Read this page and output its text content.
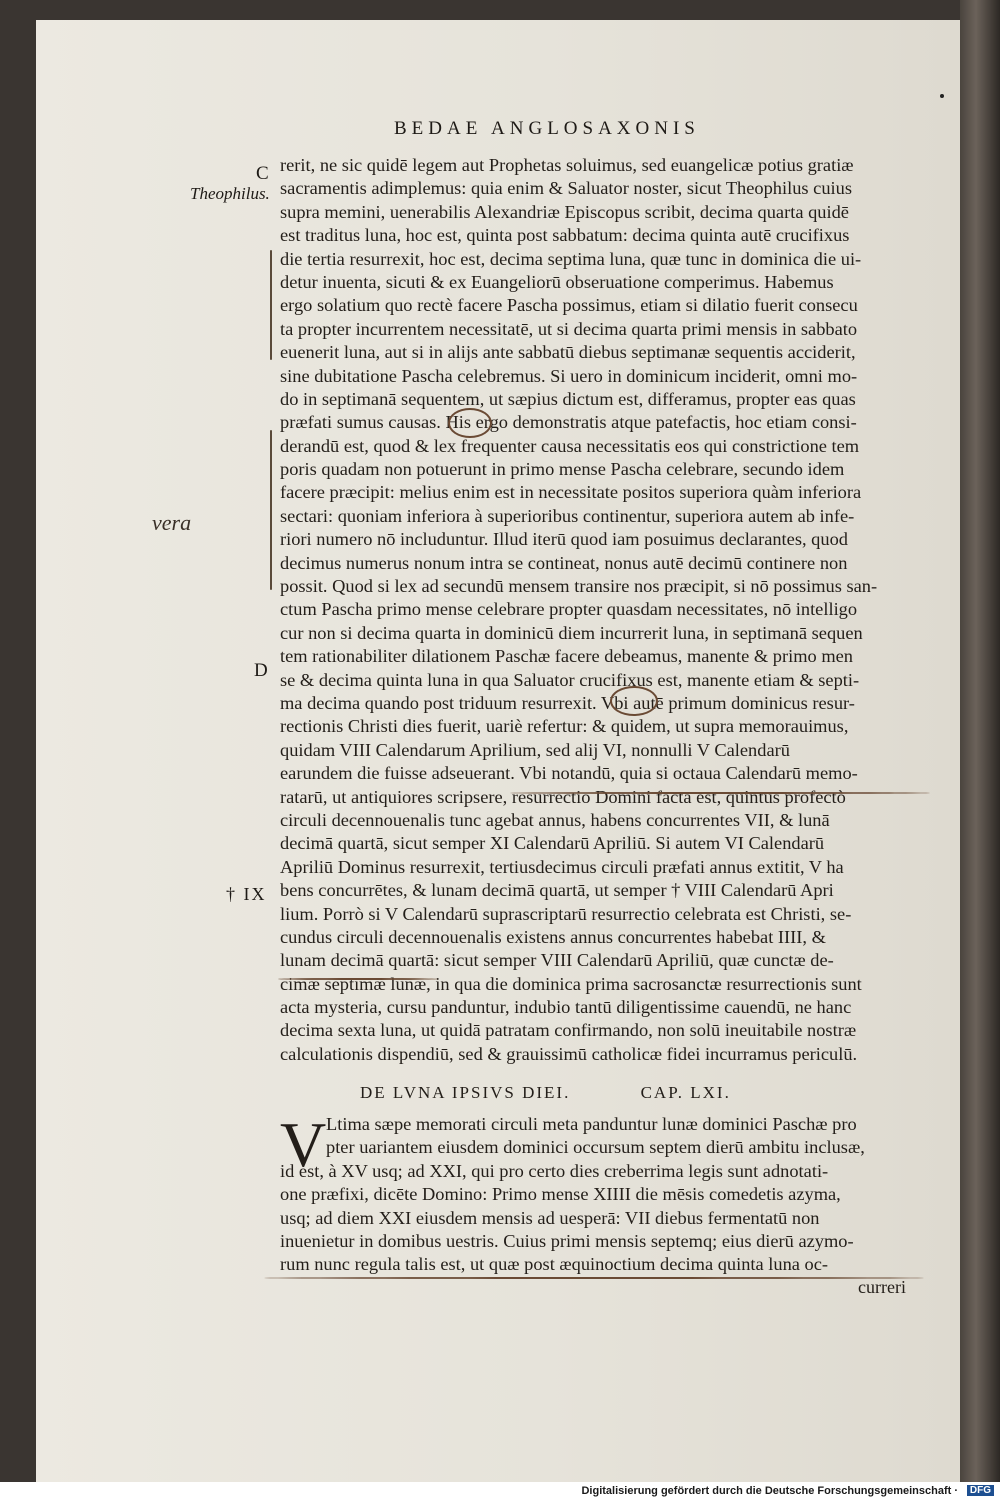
BEDAE ANGLOSAXONIS
C
Theophilus.
D
† IX
vera
rerit, ne sic quidē legem aut Prophetas soluimus, sed euangelicæ potius gratiæ
sacramentis adimplemus: quia enim & Saluator noster, sicut Theophilus cuius
supra memini, uenerabilis Alexandriæ Episcopus scribit, decima quarta quidē
est traditus luna, hoc est, quinta post sabbatum: decima quinta autē crucifixus
die tertia resurrexit, hoc est, decima septima luna, quæ tunc in dominica die ui-
detur inuenta, sicuti & ex Euangeliorū obseruatione comperimus. Habemus
ergo solatium quo rectè facere Pascha possimus, etiam si dilatio fuerit consecu
ta propter incurrentem necessitatē, ut si decima quarta primi mensis in sabbato
euenerit luna, aut si in alijs ante sabbatū diebus septimanæ sequentis acciderit,
sine dubitatione Pascha celebremus. Si uero in dominicum inciderit, omni mo-
do in septimanā sequentem, ut sæpius dictum est, differamus, propter eas quas
præfati sumus causas. His ergo demonstratis atque patefactis, hoc etiam consi-
derandū est, quod & lex frequenter causa necessitatis eos qui constrictione tem
poris quadam non potuerunt in primo mense Pascha celebrare, secundo idem
facere præcipit: melius enim est in necessitate positos superiora quàm inferiora
sectari: quoniam inferiora à superioribus continentur, superiora autem ab infe-
riori numero nō includuntur. Illud iterū quod iam posuimus declarantes, quod
decimus numerus nonum intra se contineat, nonus autē decimū continere non
possit. Quod si lex ad secundū mensem transire nos præcipit, si nō possimus san-
ctum Pascha primo mense celebrare propter quasdam necessitates, nō intelligo
cur non si decima quarta in dominicū diem incurrerit luna, in septimanā sequen
tem rationabiliter dilationem Paschæ facere debeamus, manente & primo men
se & decima quinta luna in qua Saluator crucifixus est, manente etiam & septi-
ma decima quando post triduum resurrexit. Vbi autē primum dominicus resur-
rectionis Christi dies fuerit, uariè refertur: & quidem, ut supra memorauimus,
quidam VIII Calendarum Aprilium, sed alij VI, nonnulli V Calendarū
earundem die fuisse adseuerant. Vbi notandū, quia si octaua Calendarū memo-
ratarū, ut antiquiores scripsere, resurrectio Domini facta est, quintus profectò
circuli decennouenalis tunc agebat annus, habens concurrentes VII, & lunā
decimā quartā, sicut semper XI Calendarū Apriliū. Si autem VI Calendarū
Apriliū Dominus resurrexit, tertiusdecimus circuli præfati annus extitit, V ha
bens concurrētes, & lunam decimā quartā, ut semper † VIII Calendarū Apri
lium. Porrò si V Calendarū suprascriptarū resurrectio celebrata est Christi, se-
cundus circuli decennouenalis existens annus concurrentes habebat IIII, &
lunam decimā quartā: sicut semper VIII Calendarū Apriliū, quæ cunctæ de-
cimæ septimæ lunæ, in qua die dominica prima sacrosanctæ resurrectionis sunt
acta mysteria, cursu panduntur, indubio tantū diligentissime cauendū, ne hanc
decima sexta luna, ut quidā patratam confirmando, non solū ineuitabile nostræ
calculationis dispendiū, sed & grauissimū catholicæ fidei incurramus periculū.
DE LVNA IPSIVS DIEI.	CAP. LXI.
V Ltima sæpe memorati circuli meta panduntur lunæ dominici Paschæ pro
pter uariantem eiusdem dominici occursum septem dierū ambitu inclusæ,
id est, à XV usq; ad XXI, qui pro certo dies creberrima legis sunt adnotati-
one præfixi, dicēte Domino: Primo mense XIIII die mēsis comedetis azyma,
usq; ad diem XXI eiusdem mensis ad uesperā: VII diebus fermentatū non
inuenietur in domibus uestris. Cuius primi mensis septemq; eius dierū azymo-
rum nunc regula talis est, ut quæ post æquinoctium decima quinta luna oc-
curreri
Digitalisierung gefördert durch die Deutsche Forschungsgemeinschaft ·	DFG
